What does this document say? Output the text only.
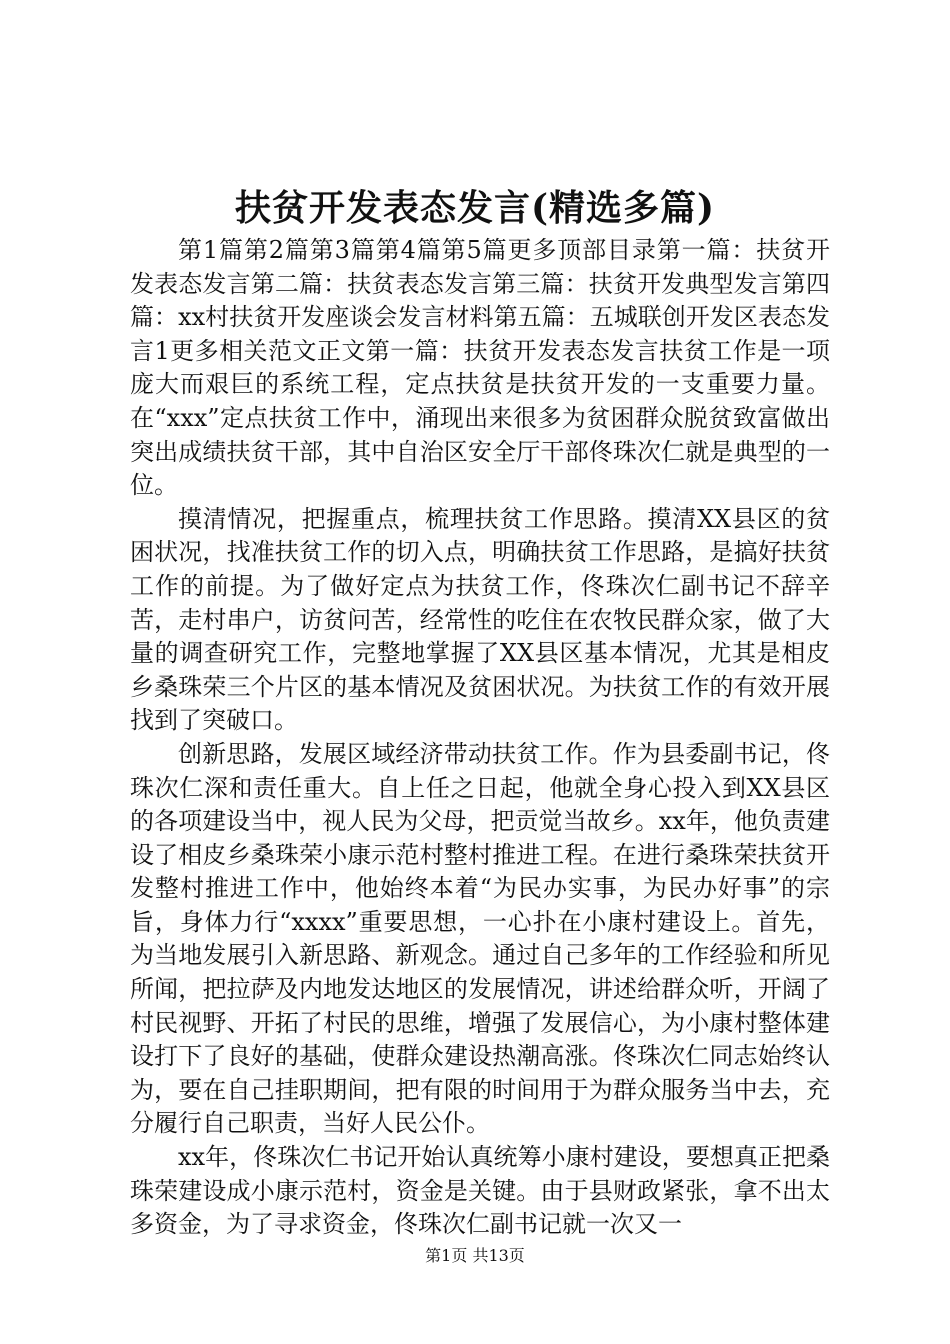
扶贫开发表态发言(精选多篇)

第1篇第2篇第3篇第4篇第5篇更多顶部目录第一篇：扶贫开发表态发言第二篇：扶贫表态发言第三篇：扶贫开发典型发言第四篇：xx村扶贫开发座谈会发言材料第五篇：五城联创开发区表态发言1更多相关范文正文第一篇：扶贫开发表态发言扶贫工作是一项庞大而艰巨的系统工程，定点扶贫是扶贫开发的一支重要力量。在“xxx”定点扶贫工作中，涌现出来很多为贫困群众脱贫致富做出突出成绩扶贫干部，其中自治区安全厅干部佟珠次仁就是典型的一位。

摸清情况，把握重点，梳理扶贫工作思路。摸清XX县区的贫困状况，找准扶贫工作的切入点，明确扶贫工作思路，是搞好扶贫工作的前提。为了做好定点为扶贫工作，佟珠次仁副书记不辞辛苦，走村串户，访贫问苦，经常性的吃住在农牧民群众家，做了大量的调查研究工作，完整地掌握了XX县区基本情况，尤其是相皮乡桑珠荣三个片区的基本情况及贫困状况。为扶贫工作的有效开展找到了突破口。

创新思路，发展区域经济带动扶贫工作。作为县委副书记，佟珠次仁深和责任重大。自上任之日起，他就全身心投入到XX县区的各项建设当中，视人民为父母，把贡觉当故乡。xx年，他负责建设了相皮乡桑珠荣小康示范村整村推进工程。在进行桑珠荣扶贫开发整村推进工作中，他始终本着“为民办实事，为民办好事”的宗旨，身体力行“xxxx”重要思想，一心扑在小康村建设上。首先，为当地发展引入新思路、新观念。通过自己多年的工作经验和所见所闻，把拉萨及内地发达地区的发展情况，讲述给群众听，开阔了村民视野、开拓了村民的思维，增强了发展信心，为小康村整体建设打下了良好的基础，使群众建设热潮高涨。佟珠次仁同志始终认为，要在自己挂职期间，把有限的时间用于为群众服务当中去，充分履行自己职责，当好人民公仆。

xx年，佟珠次仁书记开始认真统筹小康村建设，要想真正把桑珠荣建设成小康示范村，资金是关键。由于县财政紧张，拿不出太多资金，为了寻求资金，佟珠次仁副书记就一次又一

第1页 共13页
